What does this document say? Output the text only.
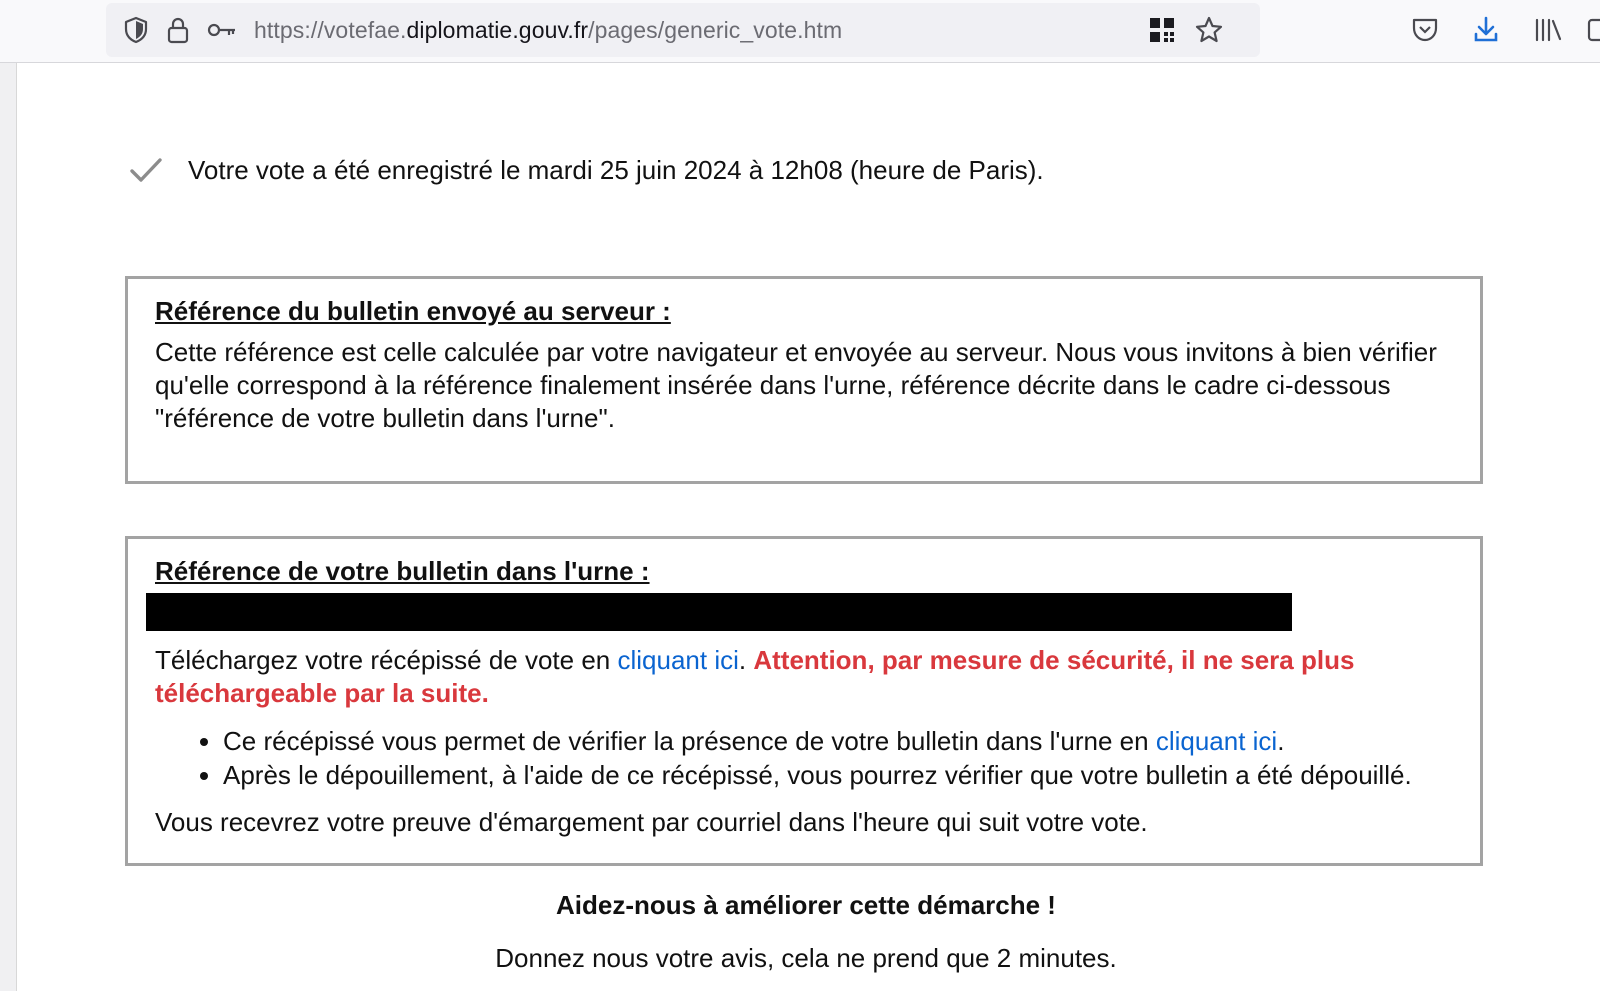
https://votefae.diplomatie.gouv.fr/pages/generic_vote.htm
Votre vote a été enregistré le mardi 25 juin 2024 à 12h08 (heure de Paris).
Référence du bulletin envoyé au serveur :
Cette référence est celle calculée par votre navigateur et envoyée au serveur. Nous vous invitons à bien vérifier qu'elle correspond à la référence finalement insérée dans l'urne, référence décrite dans le cadre ci-dessous "référence de votre bulletin dans l'urne".
Référence de votre bulletin dans l'urne :
Téléchargez votre récépissé de vote en cliquant ici. Attention, par mesure de sécurité, il ne sera plus téléchargeable par la suite.
• Ce récépissé vous permet de vérifier la présence de votre bulletin dans l'urne en cliquant ici.
• Après le dépouillement, à l'aide de ce récépissé, vous pourrez vérifier que votre bulletin a été dépouillé.
Vous recevrez votre preuve d'émargement par courriel dans l'heure qui suit votre vote.
Aidez-nous à améliorer cette démarche !
Donnez nous votre avis, cela ne prend que 2 minutes.
